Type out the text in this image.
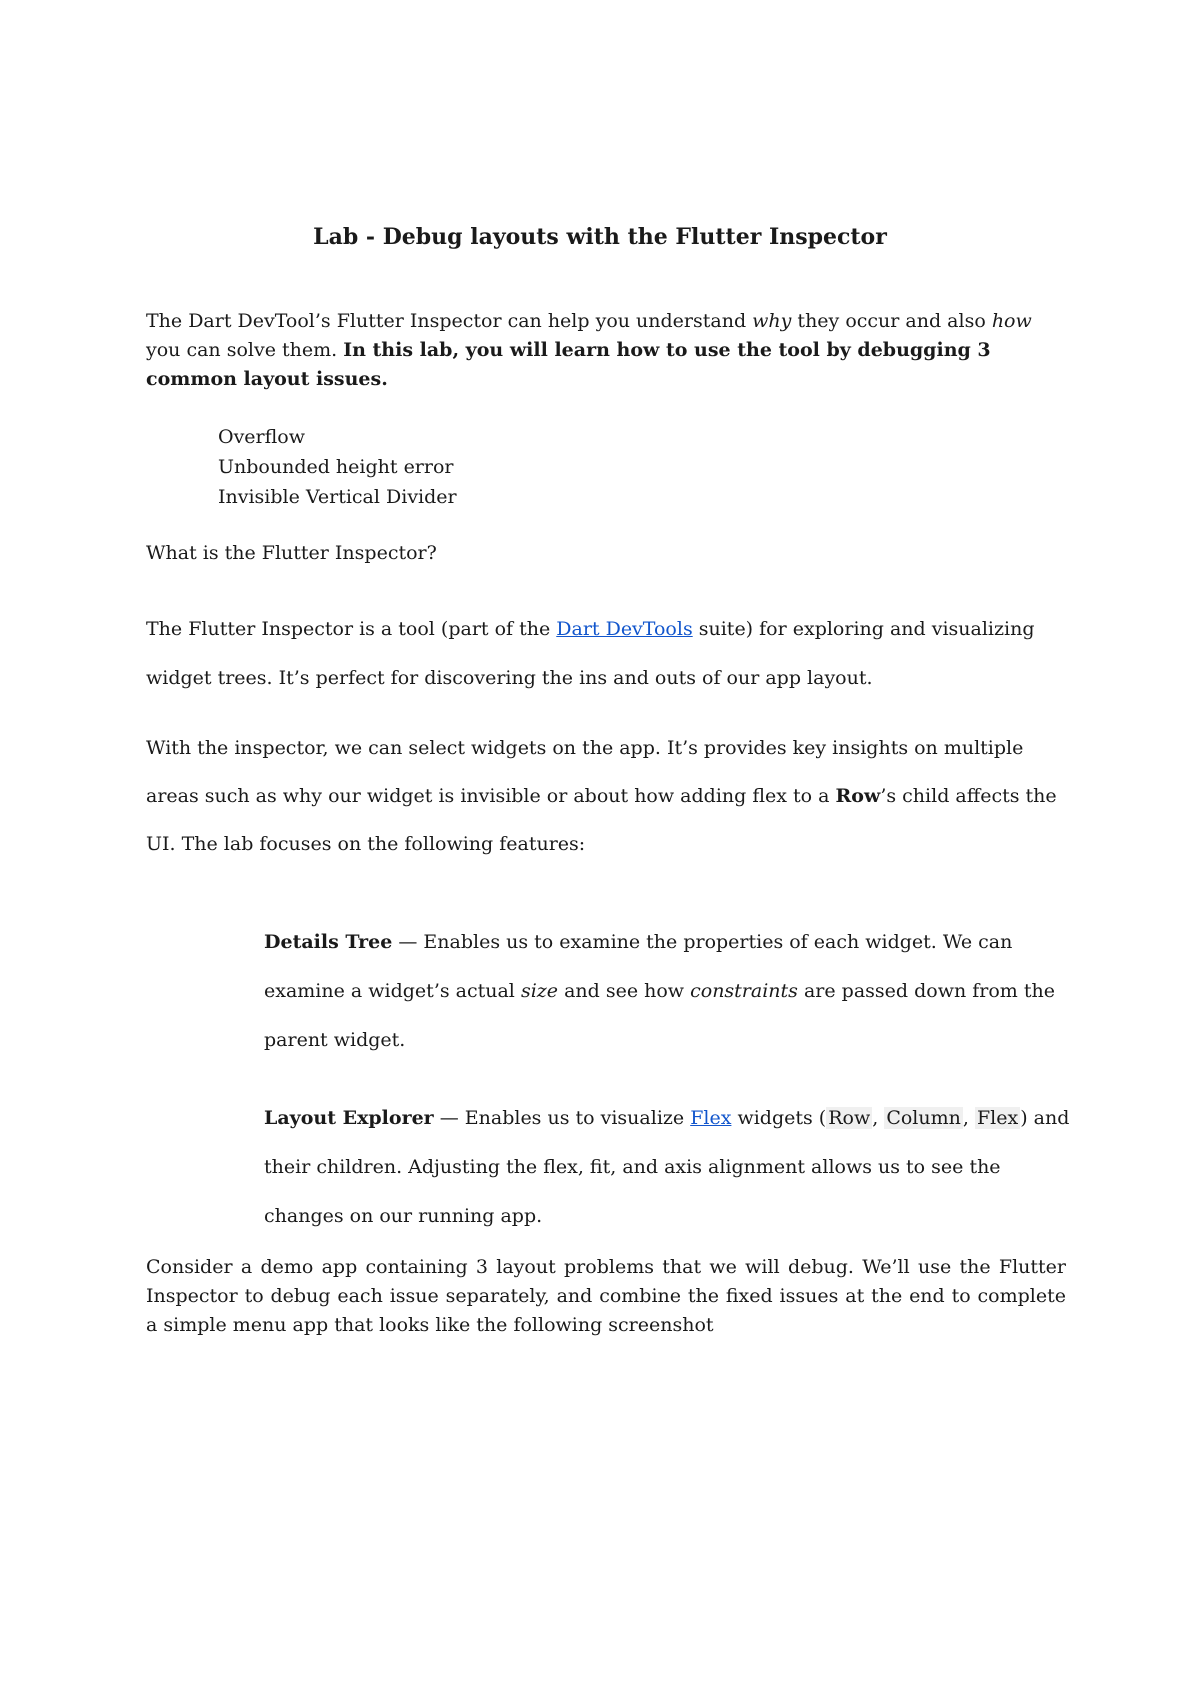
Lab - Debug layouts with the Flutter Inspector
The Dart DevTool’s Flutter Inspector can help you understand why they occur and also how you can solve them. In this lab, you will learn how to use the tool by debugging 3 common layout issues.
Overflow
Unbounded height error
Invisible Vertical Divider
What is the Flutter Inspector?
The Flutter Inspector is a tool (part of the Dart DevTools suite) for exploring and visualizing widget trees. It’s perfect for discovering the ins and outs of our app layout.
With the inspector, we can select widgets on the app. It’s provides key insights on multiple areas such as why our widget is invisible or about how adding flex to a Row’s child affects the UI. The lab focuses on the following features:
Details Tree — Enables us to examine the properties of each widget. We can examine a widget’s actual size and see how constraints are passed down from the parent widget.
Layout Explorer — Enables us to visualize Flex widgets ( Row , Column , Flex ) and their children. Adjusting the flex, fit, and axis alignment allows us to see the changes on our running app.
Consider a demo app containing 3 layout problems that we will debug. We’ll use the Flutter Inspector to debug each issue separately, and combine the fixed issues at the end to complete a simple menu app that looks like the following screenshot
